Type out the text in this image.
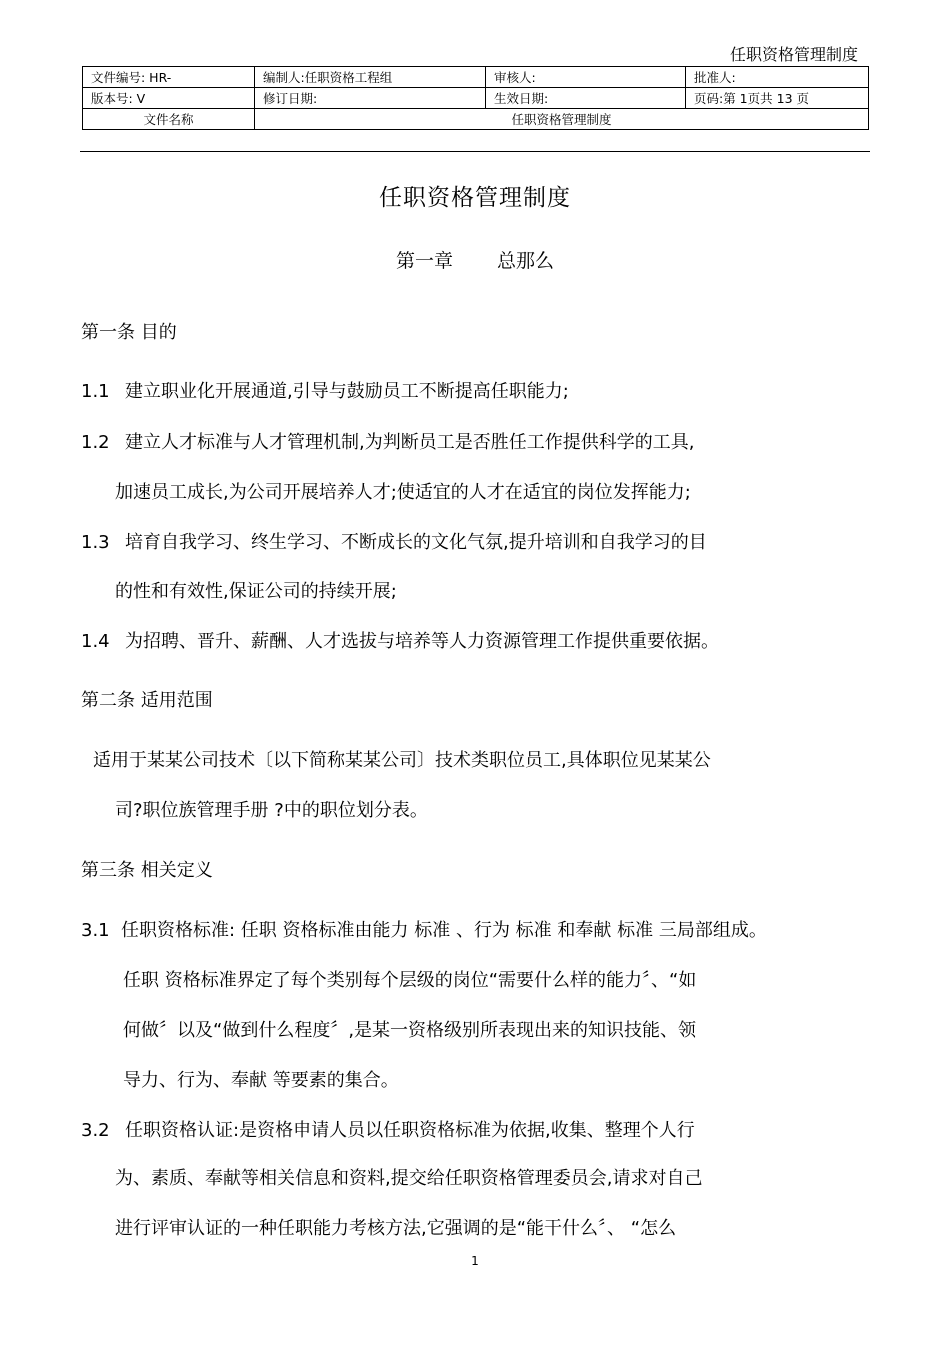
任职资格管理制度
文件编号: HR-	编制人:任职资格工程组	审核人:	批准人:
版本号: V	修订日期:	生效日期:	页码:第 1页共 13 页
文件名称	任职资格管理制度		
任职资格管理制度
第一章 总那么
第一条 目的
1.1 建立职业化开展通道,引导与鼓励员工不断提高任职能力;
1.2 建立人才标准与人才管理机制,为判断员工是否胜任工作提供科学的工具,
加速员工成长,为公司开展培养人才;使适宜的人才在适宜的岗位发挥能力;
1.3 培育自我学习、终生学习、不断成长的文化气氛,提升培训和自我学习的目
的性和有效性,保证公司的持续开展;
1.4 为招聘、晋升、薪酬、人才选拔与培养等人力资源管理工作提供重要依据。
第二条 适用范围
适用于某某公司技术〔以下简称某某公司〕技术类职位员工,具体职位见某某公
司?职位族管理手册 ?中的职位划分表。
第三条 相关定义
3.1 任职资格标准: 任职 资格标准由能力 标准 、行为 标准 和奉献 标准 三局部组成。
任职 资格标准界定了每个类别每个层级的岗位“需要什么样的能力〞、“如
何做〞以及“做到什么程度〞,是某一资格级别所表现出来的知识技能、领
导力、行为、奉献 等要素的集合。
3.2 任职资格认证:是资格申请人员以任职资格标准为依据,收集、整理个人行
为、素质、奉献等相关信息和资料,提交给任职资格管理委员会,请求对自己
进行评审认证的一种任职能力考核方法,它强调的是“能干什么〞、 “怎么
1
